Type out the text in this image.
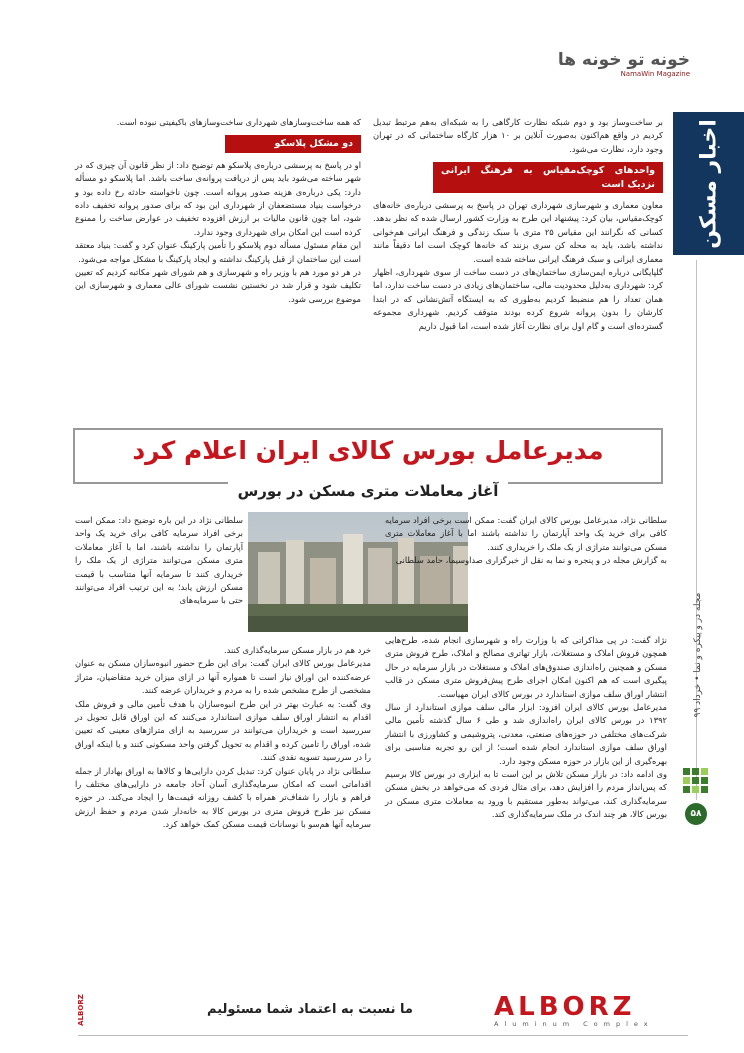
خونه‌ تو خونه‌ ها
NamaWin Magazine
اخبار مسکن
مجله در و پیکره و نما • خرداد ۹۹
۵۸
بر ساخت‌وساز بود و دوم شبکه نظارت کارگاهی را به شبکه‌ای به‌هم مرتبط تبدیل کردیم در واقع هم‌اکنون به‌صورت آنلاین بر ۱۰ هزار کارگاه ساختمانی که در تهران وجود دارد، نظارت می‌شود.
واحدهای کوچک‌مقیاس به فرهنگ ایرانی نزدیک است
معاون معماری و شهرسازی شهرداری تهران در پاسخ به پرسشی درباره‌ی خانه‌های کوچک‌مقیاس، بیان کرد: پیشنهاد این طرح به وزارت کشور ارسال شده که نظر بدهد. کسانی که نگرانند این مقیاس ۲۵ متری با سبک زندگی و فرهنگ ایرانی هم‌خوانی نداشته باشد، باید به محله کن سری بزنند که خانه‌ها کوچک است اما دقیقاً مانند معماری ایرانی و سبک فرهنگ ایرانی ساخته شده است.
گلپایگانی درباره ایمن‌سازی ساختمان‌های در دست ساخت از سوی شهرداری، اظهار کرد: شهرداری به‌دلیل محدودیت مالی، ساختمان‌های زیادی در دست ساخت ندارد، اما همان تعداد را هم منضبط کردیم به‌طوری که به ایستگاه آتش‌نشانی که در ابتدا کارشان را بدون پروانه شروع کرده بودند متوقف کردیم. شهرداری مجموعه گسترده‌ای است و گام اول برای نظارت آغاز شده است، اما قبول داریم
که همه ساخت‌وسازهای شهرداری ساخت‌وسازهای باکیفیتی نبوده است.
دو مشکل پلاسکو
او در پاسخ به پرسشی درباره‌ی پلاسکو هم توضیح داد: از نظر قانون آن چیزی که در شهر ساخته می‌شود باید پس از دریافت پروانه‌ی ساخت باشد. اما پلاسکو دو مسأله دارد: یکی درباره‌ی هزینه صدور پروانه است. چون ناخواسته حادثه رخ داده بود و درخواست بنیاد مستضعفان از شهرداری این بود که برای صدور پروانه تخفیف داده شود، اما چون قانون مالیات بر ارزش افزوده تخفیف در عوارض ساخت را ممنوع کرده است این امکان برای شهرداری وجود ندارد.
این مقام مسئول مسأله دوم پلاسکو را تأمین پارکینگ عنوان کرد و گفت: بنیاد معتقد است این ساختمان از قبل پارکینگ نداشته و ایجاد پارکینگ با مشکل مواجه می‌شود.
در هر دو مورد هم با وزیر راه و شهرسازی و هم شورای شهر مکاتبه کردیم که تعیین تکلیف شود و قرار شد در نخستین نشست شورای عالی معماری و شهرسازی این موضوع بررسی شود.
مدیرعامل بورس کالای ایران اعلام کرد
آغاز معاملات متری مسکن در بورس
سلطانی نژاد، مدیرعامل بورس کالای ایران گفت: ممکن است برخی افراد سرمایه کافی برای خرید یک واحد آپارتمان را نداشته باشند اما با آغاز معاملات متری مسکن می‌توانند متراژی از یک ملک را خریداری کنند.
به گزارش مجله در و پنجره و نما به نقل از خبرگزاری صداوسیما، حامد سلطانی
نژاد گفت: در پی مذاکراتی که با وزارت راه و شهرسازی انجام شده، طرح‌هایی همچون فروش املاک و مستغلات، بازار تهاتری مصالح و املاک، طرح فروش متری مسکن و همچنین راه‌اندازی صندوق‌های املاک و مستغلات در بازار سرمایه در حال پیگیری است که هم اکنون امکان اجرای طرح پیش‌فروش متری مسکن در قالب انتشار اوراق سلف موازی استاندارد در بورس کالای ایران مهیاست.
مدیرعامل بورس کالای ایران افزود: ابزار مالی سلف موازی استاندارد از سال ۱۳۹۲ در بورس کالای ایران راه‌اندازی شد و طی ۶ سال گذشته تأمین مالی شرکت‌های مختلفی در حوزه‌های صنعتی، معدنی، پتروشیمی و کشاورزی با انتشار اوراق سلف موازی استاندارد انجام شده است؛ از این رو تجربه مناسبی برای بهره‌گیری از این بازار در حوزه مسکن وجود دارد.
وی ادامه داد: در بازار مسکن تلاش بر این است تا به ابزاری در بورس کالا برسیم که پس‌انداز مردم را افزایش دهد، برای مثال فردی که می‌خواهد در بخش مسکن سرمایه‌گذاری کند، می‌تواند به‌طور مستقیم با ورود به معاملات متری مسکن در بورس کالا، هر چند اندک در ملک سرمایه‌گذاری کند.
سلطانی نژاد در این باره توضیح داد: ممکن است برخی افراد سرمایه کافی برای خرید یک واحد آپارتمان را نداشته باشند، اما با آغاز معاملات متری مسکن می‌توانند متراژی از یک ملک را خریداری کنند تا سرمایه آنها متناسب با قیمت مسکن ارزش یابد؛ به این ترتیب افراد می‌توانند حتی با سرمایه‌های
خرد هم در بازار مسکن سرمایه‌گذاری کنند.
مدیرعامل بورس کالای ایران گفت: برای این طرح حضور انبوه‌سازان مسکن به عنوان عرضه‌کننده این اوراق نیاز است تا همواره آنها در ازای میزان خرید متقاضیان، متراژ مشخصی از طرح مشخص شده را به مردم و خریداران عرضه کنند.
وی گفت: به عبارت بهتر در این طرح انبوه‌سازان با هدف تأمین مالی و فروش ملک اقدام به انتشار اوراق سلف موازی استاندارد می‌کنند که این اوراق قابل تحویل در سررسید است و خریداران می‌توانند در سررسید به ازای متراژهای معینی که تعیین شده، اوراق را تامین کرده و اقدام به تحویل گرفتن واحد مسکونی کنند و یا اینکه اوراق را در سررسید تسویه نقدی کنند.
سلطانی نژاد در پایان عنوان کرد: تبدیل کردن دارایی‌ها و کالاها به اوراق بهادار از جمله اقداماتی است که امکان سرمایه‌گذاری آسان آحاد جامعه در دارایی‌های مختلف را فراهم و بازار را شفاف‌تر همراه با کشف روزانه قیمت‌ها را ایجاد می‌کند. در حوزه مسکن نیز طرح فروش متری در بورس کالا به خانه‌دار شدن مردم و حفظ ارزش سرمایه آنها هم‌سو با نوسانات قیمت مسکن کمک خواهد کرد.
ALBORZ	ما نسبت به اعتماد شما مسئولیم	ALBORZ
Aluminum Complex
